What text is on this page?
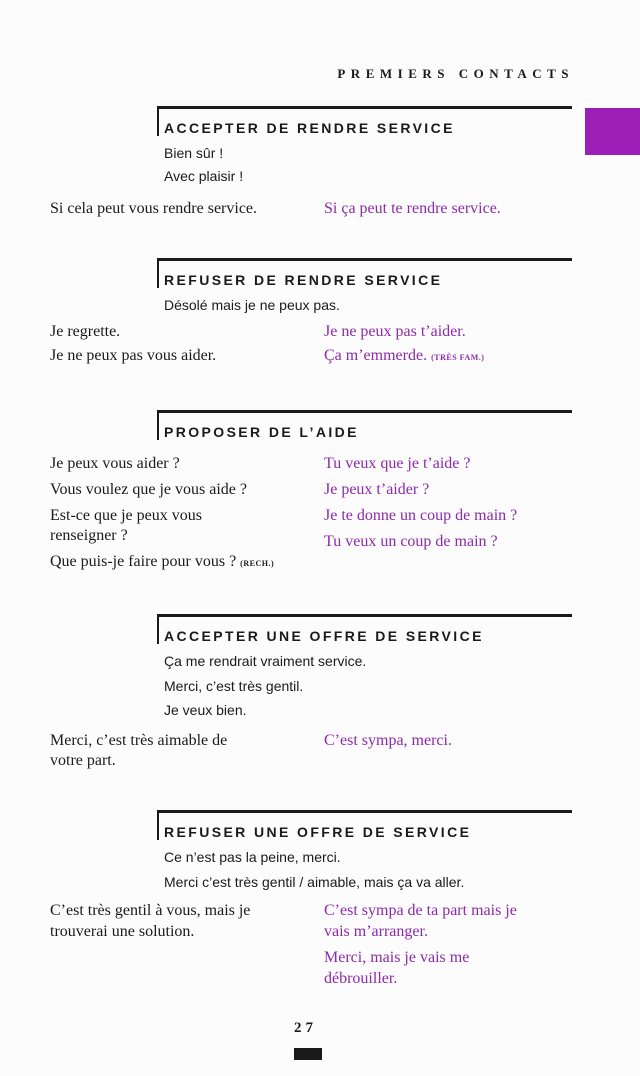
PREMIERS CONTACTS
ACCEPTER DE RENDRE SERVICE
Bien sûr !
Avec plaisir !
Si cela peut vous rendre service.	Si ça peut te rendre service.
REFUSER DE RENDRE SERVICE
Désolé mais je ne peux pas.
Je regrette.
Je ne peux pas vous aider.
Je ne peux pas t’aider.
Ça m’emmerde. (TRÈS FAM.)
PROPOSER DE L’AIDE
Je peux vous aider ?
Vous voulez que je vous aide ?
Est-ce que je peux vous
renseigner ?
Que puis-je faire pour vous ? (RECH.)
Tu veux que je t’aide ?
Je peux t’aider ?
Je te donne un coup de main ?
Tu veux un coup de main ?
ACCEPTER UNE OFFRE DE SERVICE
Ça me rendrait vraiment service.
Merci, c’est très gentil.
Je veux bien.
Merci, c’est très aimable de
votre part.
C’est sympa, merci.
REFUSER UNE OFFRE DE SERVICE
Ce n’est pas la peine, merci.
Merci c’est très gentil / aimable, mais ça va aller.
C’est très gentil à vous, mais je
trouverai une solution.
C’est sympa de ta part mais je
vais m’arranger.
Merci, mais je vais me
débrouiller.
27
